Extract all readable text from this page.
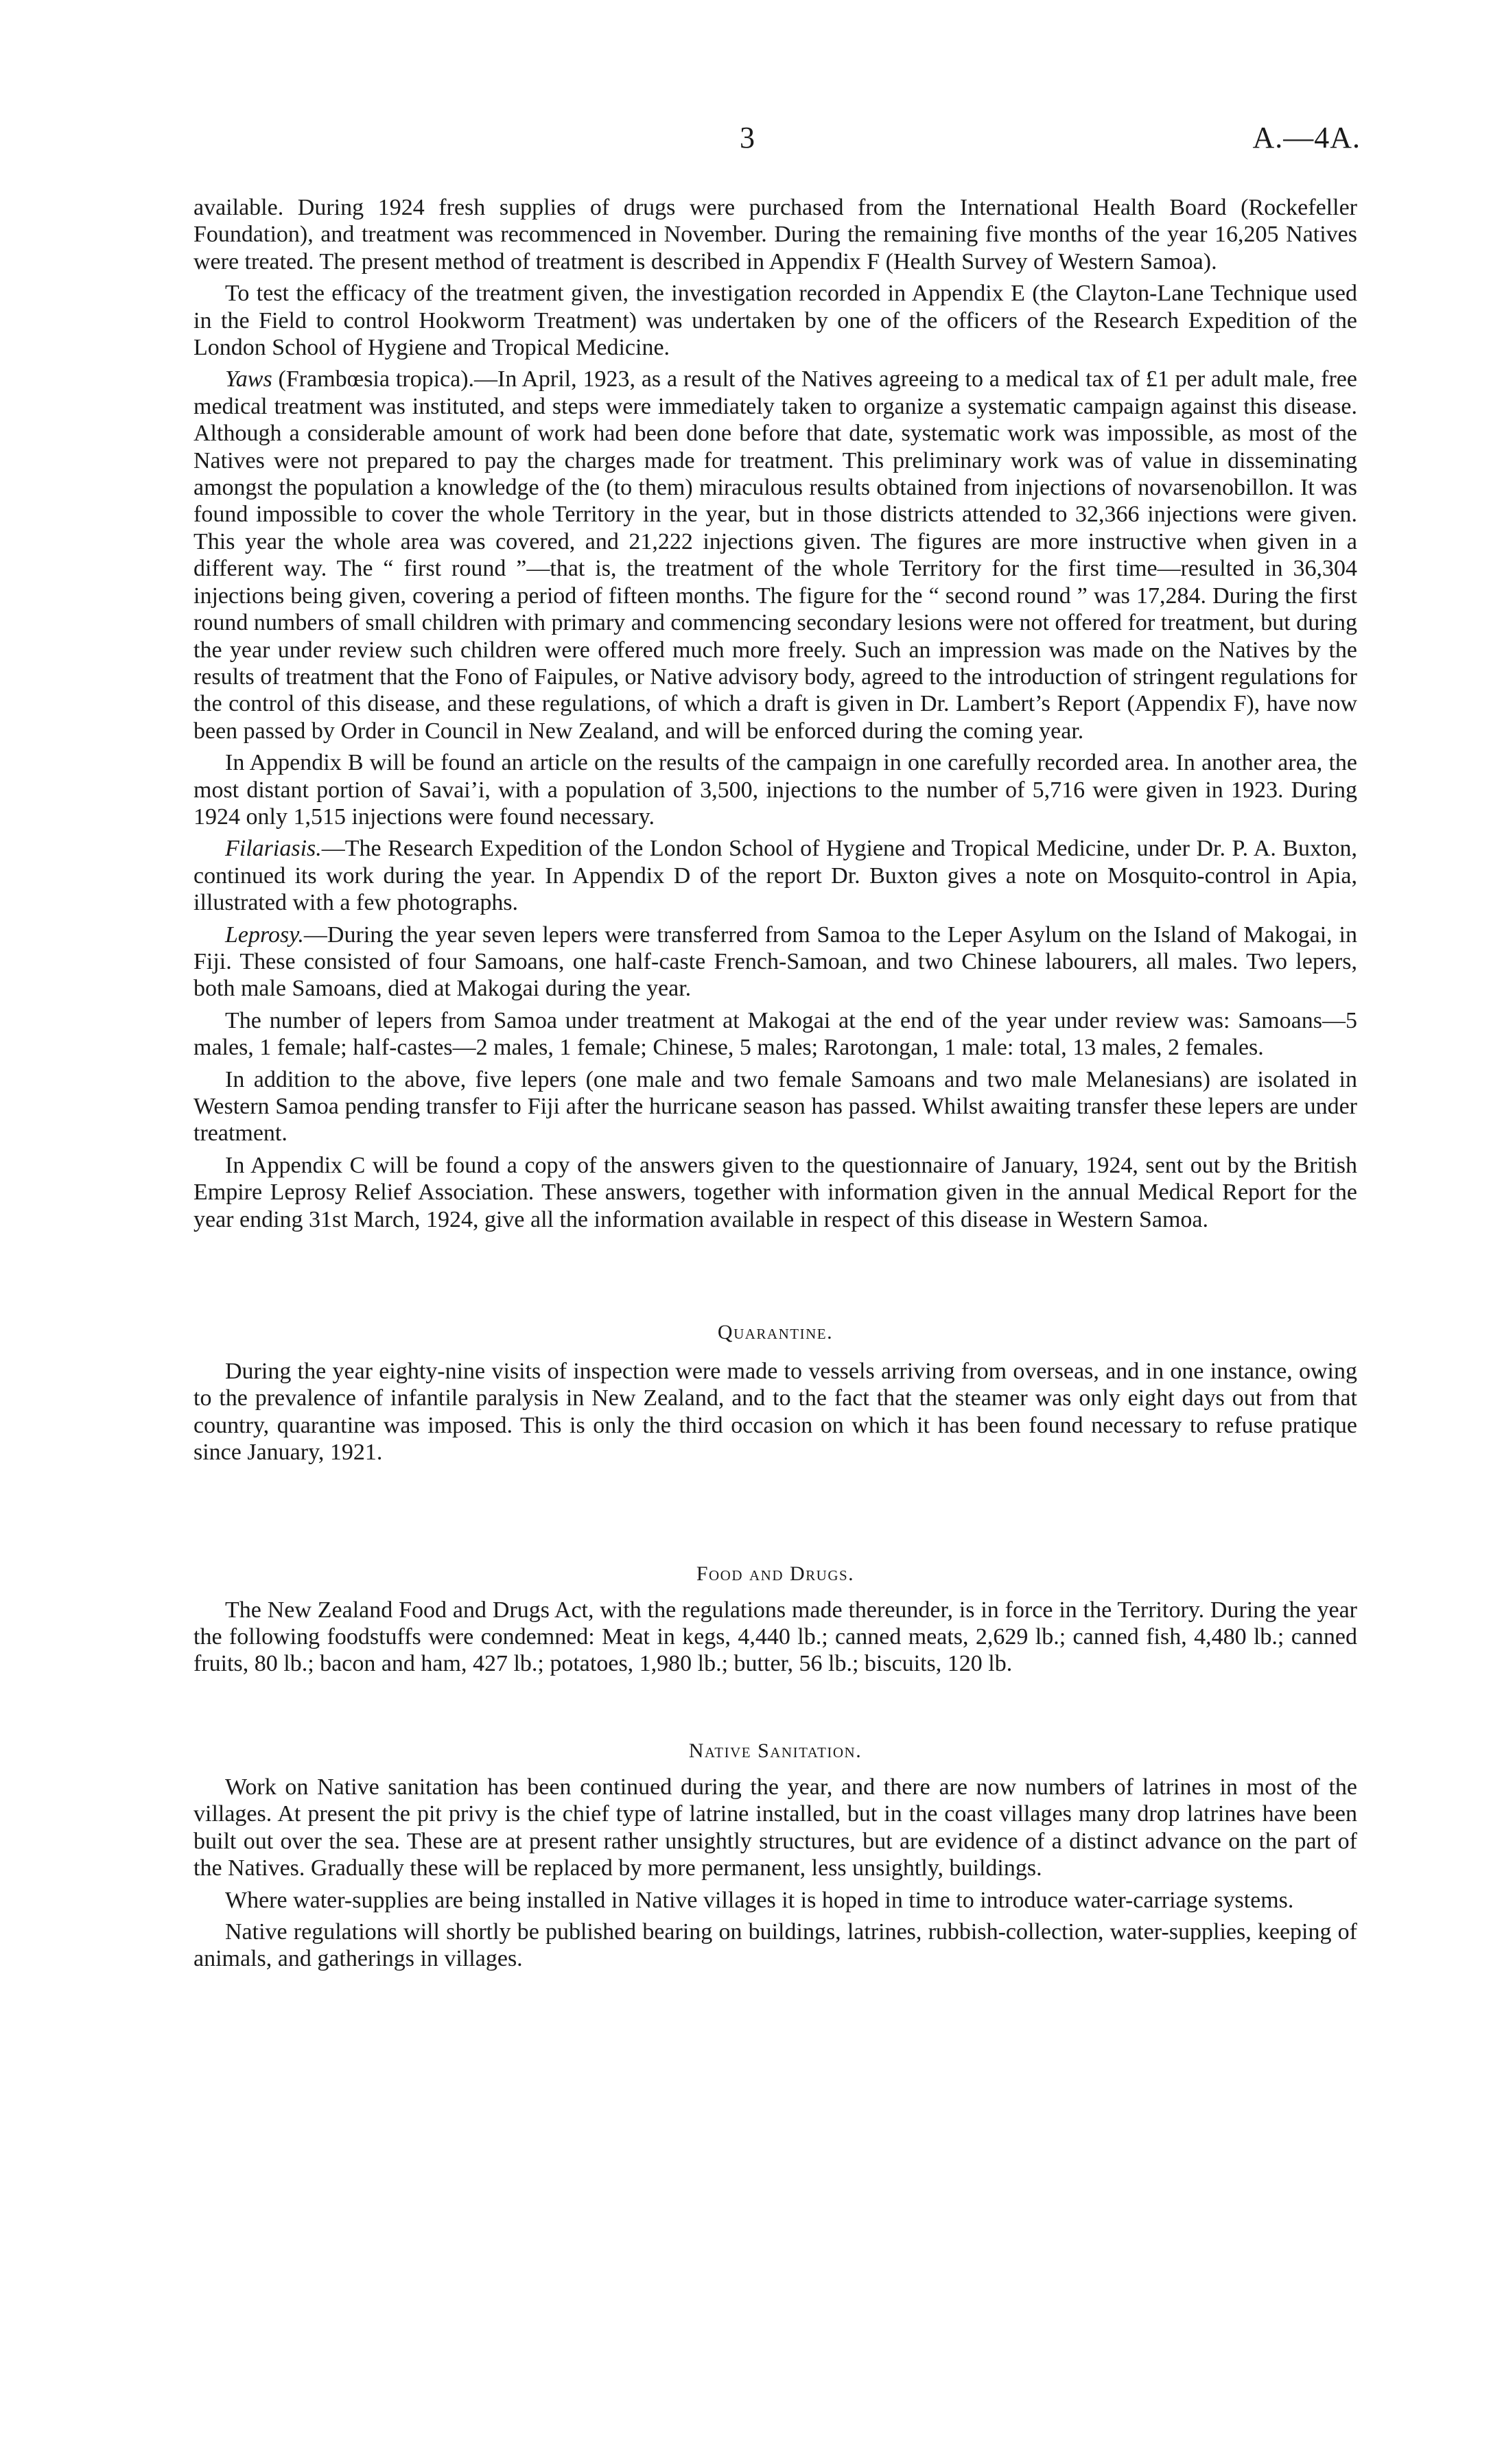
3	A.—4A.

available. During 1924 fresh supplies of drugs were purchased from the International Health Board (Rockefeller Foundation), and treatment was recommenced in November. During the remaining five months of the year 16,205 Natives were treated. The present method of treatment is described in Appendix F (Health Survey of Western Samoa).

To test the efficacy of the treatment given, the investigation recorded in Appendix E (the Clayton-Lane Technique used in the Field to control Hookworm Treatment) was undertaken by one of the officers of the Research Expedition of the London School of Hygiene and Tropical Medicine.

Yaws (Frambœsia tropica).—In April, 1923, as a result of the Natives agreeing to a medical tax of £1 per adult male, free medical treatment was instituted, and steps were immediately taken to organize a systematic campaign against this disease. Although a considerable amount of work had been done before that date, systematic work was impossible, as most of the Natives were not prepared to pay the charges made for treatment. This preliminary work was of value in disseminating amongst the population a knowledge of the (to them) miraculous results obtained from injections of novarsenobillon. It was found impossible to cover the whole Territory in the year, but in those districts attended to 32,366 injections were given. This year the whole area was covered, and 21,222 injections given. The figures are more instructive when given in a different way. The “ first round ”—that is, the treatment of the whole Territory for the first time—resulted in 36,304 injections being given, covering a period of fifteen months. The figure for the “ second round ” was 17,284. During the first round numbers of small children with primary and commencing secondary lesions were not offered for treatment, but during the year under review such children were offered much more freely. Such an impression was made on the Natives by the results of treatment that the Fono of Faipules, or Native advisory body, agreed to the introduction of stringent regulations for the control of this disease, and these regulations, of which a draft is given in Dr. Lambert’s Report (Appendix F), have now been passed by Order in Council in New Zealand, and will be enforced during the coming year.

In Appendix B will be found an article on the results of the campaign in one carefully recorded area. In another area, the most distant portion of Savai’i, with a population of 3,500, injections to the number of 5,716 were given in 1923. During 1924 only 1,515 injections were found necessary.

Filariasis.—The Research Expedition of the London School of Hygiene and Tropical Medicine, under Dr. P. A. Buxton, continued its work during the year. In Appendix D of the report Dr. Buxton gives a note on Mosquito-control in Apia, illustrated with a few photographs.

Leprosy.—During the year seven lepers were transferred from Samoa to the Leper Asylum on the Island of Makogai, in Fiji. These consisted of four Samoans, one half-caste French-Samoan, and two Chinese labourers, all males. Two lepers, both male Samoans, died at Makogai during the year.

The number of lepers from Samoa under treatment at Makogai at the end of the year under review was: Samoans—5 males, 1 female; half-castes—2 males, 1 female; Chinese, 5 males; Rarotongan, 1 male: total, 13 males, 2 females.

In addition to the above, five lepers (one male and two female Samoans and two male Melanesians) are isolated in Western Samoa pending transfer to Fiji after the hurricane season has passed. Whilst awaiting transfer these lepers are under treatment.

In Appendix C will be found a copy of the answers given to the questionnaire of January, 1924, sent out by the British Empire Leprosy Relief Association. These answers, together with information given in the annual Medical Report for the year ending 31st March, 1924, give all the information available in respect of this disease in Western Samoa.

Quarantine.

During the year eighty-nine visits of inspection were made to vessels arriving from overseas, and in one instance, owing to the prevalence of infantile paralysis in New Zealand, and to the fact that the steamer was only eight days out from that country, quarantine was imposed. This is only the third occasion on which it has been found necessary to refuse pratique since January, 1921.

Food and Drugs.

The New Zealand Food and Drugs Act, with the regulations made thereunder, is in force in the Territory. During the year the following foodstuffs were condemned: Meat in kegs, 4,440 lb.; canned meats, 2,629 lb.; canned fish, 4,480 lb.; canned fruits, 80 lb.; bacon and ham, 427 lb.; potatoes, 1,980 lb.; butter, 56 lb.; biscuits, 120 lb.

Native Sanitation.

Work on Native sanitation has been continued during the year, and there are now numbers of latrines in most of the villages. At present the pit privy is the chief type of latrine installed, but in the coast villages many drop latrines have been built out over the sea. These are at present rather unsightly structures, but are evidence of a distinct advance on the part of the Natives. Gradually these will be replaced by more permanent, less unsightly, buildings.

Where water-supplies are being installed in Native villages it is hoped in time to introduce water-carriage systems.

Native regulations will shortly be published bearing on buildings, latrines, rubbish-collection, water-supplies, keeping of animals, and gatherings in villages.
